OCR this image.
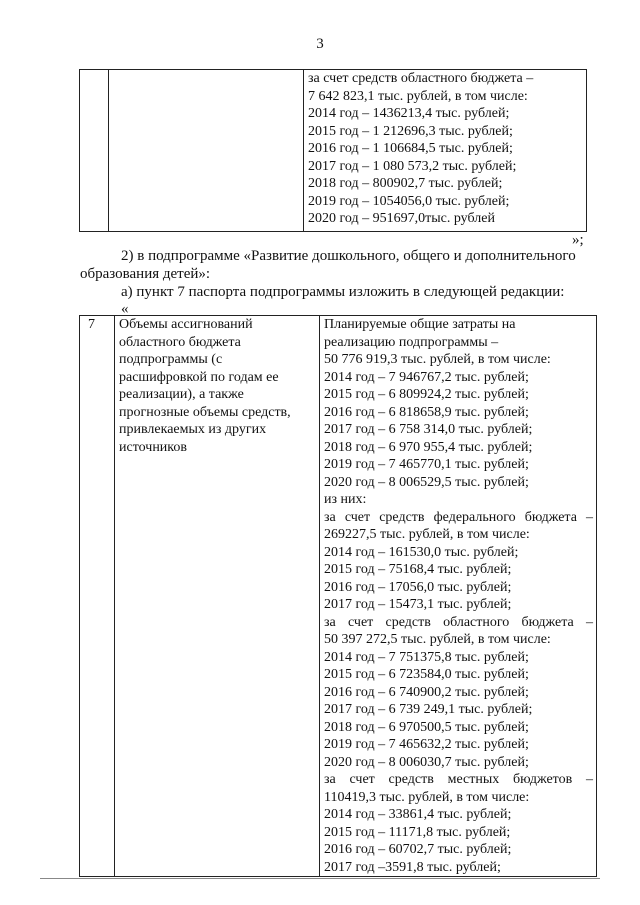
3

за счет средств областного бюджета –
7 642 823,1 тыс. рублей, в том числе:
2014 год – 1436213,4 тыс. рублей;
2015 год – 1 212696,3 тыс. рублей;
2016 год – 1 106684,5 тыс. рублей;
2017 год – 1 080 573,2 тыс. рублей;
2018 год – 800902,7 тыс. рублей;
2019 год – 1054056,0 тыс. рублей;
2020 год – 951697,0тыс. рублей
»;
2) в подпрограмме «Развитие дошкольного, общего и дополнительного
образования детей»:
а) пункт 7 паспорта подпрограммы изложить в следующей редакции:
«
7	Объемы ассигнований
областного бюджета
подпрограммы (с
расшифровкой по годам ее
реализации), а также
прогнозные объемы средств,
привлекаемых из других
источников

Планируемые общие затраты на
реализацию подпрограммы –
50 776 919,3 тыс. рублей, в том числе:
2014 год – 7 946767,2 тыс. рублей;
2015 год – 6 809924,2 тыс. рублей;
2016 год – 6 818658,9 тыс. рублей;
2017 год – 6 758 314,0 тыс. рублей;
2018 год – 6 970 955,4 тыс. рублей;
2019 год – 7 465770,1 тыс. рублей;
2020 год – 8 006529,5 тыс. рублей;
из них:
за счет средств федерального бюджета –
269227,5 тыс. рублей, в том числе:
2014 год – 161530,0 тыс. рублей;
2015 год – 75168,4 тыс. рублей;
2016 год – 17056,0 тыс. рублей;
2017 год – 15473,1 тыс. рублей;
за счет средств областного бюджета –
50 397 272,5 тыс. рублей, в том числе:
2014 год – 7 751375,8 тыс. рублей;
2015 год – 6 723584,0 тыс. рублей;
2016 год – 6 740900,2 тыс. рублей;
2017 год – 6 739 249,1 тыс. рублей;
2018 год – 6 970500,5 тыс. рублей;
2019 год – 7 465632,2 тыс. рублей;
2020 год – 8 006030,7 тыс. рублей;
за счет средств местных бюджетов –
110419,3 тыс. рублей, в том числе:
2014 год – 33861,4 тыс. рублей;
2015 год – 11171,8 тыс. рублей;
2016 год – 60702,7 тыс. рублей;
2017 год –3591,8 тыс. рублей;
